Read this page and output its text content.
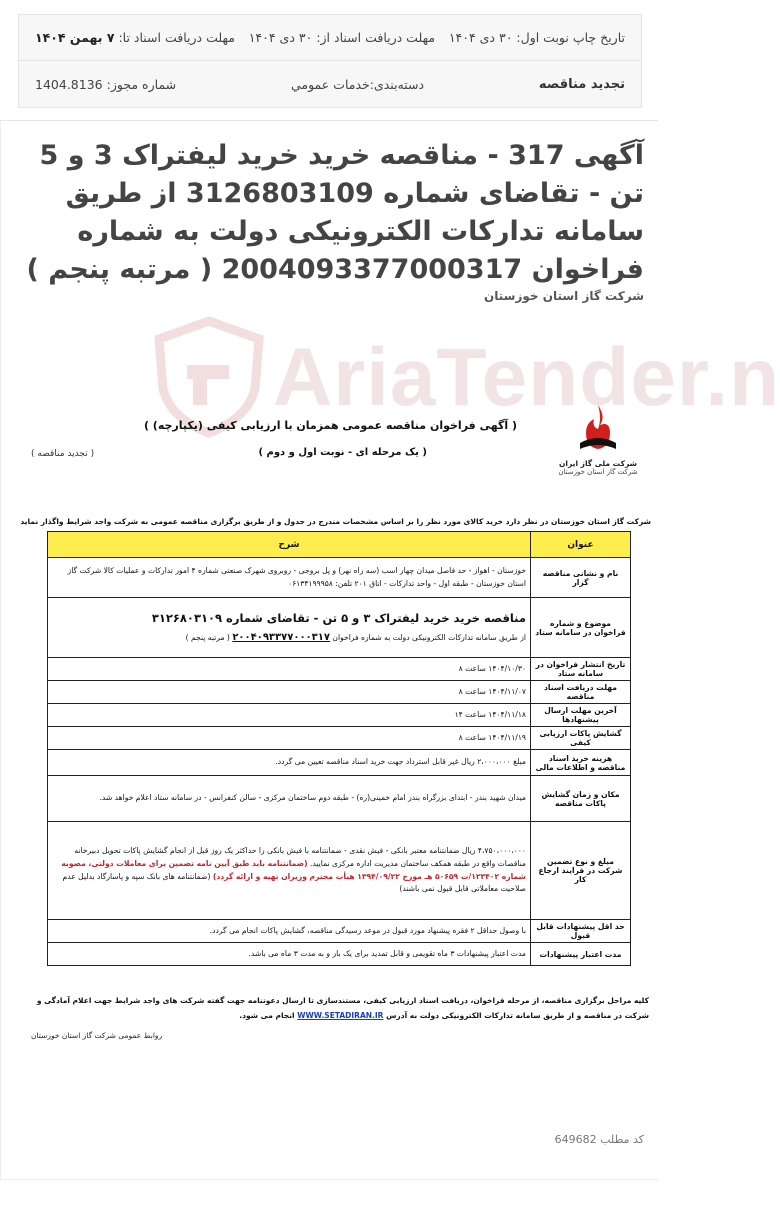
تاریخ چاپ نوبت اول: ۳۰ دی ۱۴۰۴
مهلت دریافت اسناد از: ۳۰ دی ۱۴۰۴
مهلت دریافت اسناد تا: ۷ بهمن ۱۴۰۴
تجدید مناقصه
دسته‌بندی:خدمات عمومي
شماره مجوز: 1404.8136
آگهی 317 - مناقصه خرید خرید لیفتراک 3 و 5 تن - تقاضای شماره 3126803109 از طریق سامانه تدارکات الکترونیکی دولت به شماره فراخوان 2004093377000317 ( مرتبه پنجم )
شرکت گاز استان خوزستان
AriaTender.n
شرکت ملی گاز ایران
شرکت گاز استان خوزستان
( آگهی فراخوان مناقصه عمومی همزمان با ارزیابی کیفی (یکپارچه) )
( یک مرحله ای - نوبت اول و دوم )
( تجدید مناقصه )
شرکت گاز استان خوزستان در نظر دارد خرید کالای مورد نظر را بر اساس مشخصات مندرج در جدول و از طریق برگزاری مناقصه عمومی به شرکت واجد شرایط واگذار نماید
عنوان	شرح
نام و نشانی مناقصه گزار	خوزستان - اهواز - حد فاصل میدان چهار اسب (سه راه نهر) و پل بروجی - روبروی شهرک صنعتی شماره ۴ امور تدارکات و عملیات کالا شرکت گاز استان خوزستان - طبقه اول - واحد تدارکات - اتاق ۲۰۱ تلفن: ۰۶۱۳۴۱۹۹۹۵۸
موضوع و شماره فراخوان در سامانه ستاد	مناقصه خرید خرید لیفتراک ۳ و ۵ تن - تقاضای شماره ۳۱۲۶۸۰۳۱۰۹
از طریق سامانه تدارکات الکترونیکی دولت به شماره فراخوان ۲۰۰۴۰۹۳۳۷۷۰۰۰۳۱۷ ( مرتبه پنجم )

تاریخ انتشار فراخوان در سامانه ستاد	۱۴۰۴/۱۰/۳۰ ساعت ۸
مهلت دریافت اسناد مناقصه	۱۴۰۴/۱۱/۰۷ ساعت ۸
آخرین مهلت ارسال پیشنهادها	۱۴۰۴/۱۱/۱۸ ساعت ۱۴
گشایش پاکات ارزیابی کیفی	۱۴۰۴/۱۱/۱۹ ساعت ۸
هزینه خرید اسناد مناقصه و اطلاعات مالی	مبلغ ۲،۰۰۰،۰۰۰ ریال غیر قابل استرداد جهت خرید اسناد مناقصه تعیین می گردد.
مکان و زمان گشایش پاکات مناقصه	میدان شهید بندر - ابتدای بزرگراه بندر امام خمینی(ره) - طبقه دوم ساختمان مرکزی - سالن کنفرانس - در سامانه ستاد اعلام خواهد شد.
مبلغ و نوع تضمین شرکت در فرایند ارجاع کار	۴،۷۵۰،۰۰۰،۰۰۰ ریال ضمانتنامه معتبر بانکی - فیش نقدی - ضمانتنامه با فیش بانکی را حداکثر یک روز قبل از انجام گشایش پاکات تحویل دبیرخانه مناقصات واقع در طبقه همکف ساختمان مدیریت اداره مرکزی نمایید. (ضمانتنامه باید طبق آیین نامه تضمین برای معاملات دولتی، مصوبه شماره ۱۲۳۴۰۲/ت ۵۰۶۵۹ هـ مورخ ۱۳۹۴/۰۹/۲۲ هیأت محترم وزیران تهیه و ارائه گردد) (ضمانتنامه های بانک سپه و پاسارگاد بدلیل عدم صلاحیت معاملاتی قابل قبول نمی باشند)
حد اقل پیشنهادات قابل قبول	با وصول حداقل ۲ فقره پیشنهاد مورد قبول در موعد رسیدگی مناقصه، گشایش پاکات انجام می گردد.
مدت اعتبار پیشنهادات	مدت اعتبار پیشنهادات ۳ ماه تقویمی و قابل تمدید برای یک بار و به مدت ۳ ماه می باشد.
کلیه مراحل برگزاری مناقصه، از مرحله فراخوان، دریافت اسناد ارزیابی کیفی، مستندسازی تا ارسال دعوتنامه جهت گفته شرکت های واجد شرایط جهت اعلام آمادگی و شرکت در مناقصه و از طریق سامانه تدارکات الکترونیکی دولت به آدرس WWW.SETADIRAN.IR انجام می شود.
روابط عمومی شرکت گاز استان خوزستان
کد مطلب 649682
